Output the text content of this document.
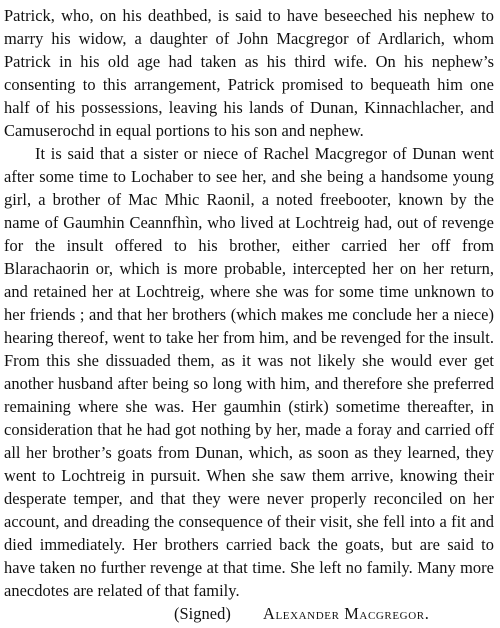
Patrick, who, on his deathbed, is said to have beseeched his nephew to marry his widow, a daughter of John Macgregor of Ardlarich, whom Patrick in his old age had taken as his third wife. On his nephew’s consenting to this arrangement, Patrick promised to bequeath him one half of his possessions, leaving his lands of Dunan, Kinnachlacher, and Camuserochd in equal portions to his son and nephew.

It is said that a sister or niece of Rachel Macgregor of Dunan went after some time to Lochaber to see her, and she being a handsome young girl, a brother of Mac Mhic Raonil, a noted freebooter, known by the name of Gaumhin Ceannfhìn, who lived at Lochtreig had, out of revenge for the insult offered to his brother, either carried her off from Blarachaorin or, which is more probable, intercepted her on her return, and retained her at Lochtreig, where she was for some time unknown to her friends ; and that her brothers (which makes me conclude her a niece) hearing thereof, went to take her from him, and be revenged for the insult. From this she dissuaded them, as it was not likely she would ever get another husband after being so long with him, and therefore she preferred remaining where she was. Her gaumhin (stirk) sometime thereafter, in consideration that he had got nothing by her, made a foray and carried off all her brother’s goats from Dunan, which, as soon as they learned, they went to Lochtreig in pursuit. When she saw them arrive, knowing their desperate temper, and that they were never properly reconciled on her account, and dreading the consequence of their visit, she fell into a fit and died immediately. Her brothers carried back the goats, but are said to have taken no further revenge at that time. She left no family. Many more anecdotes are related of that family.

(Signed) Alexander Macgregor.
